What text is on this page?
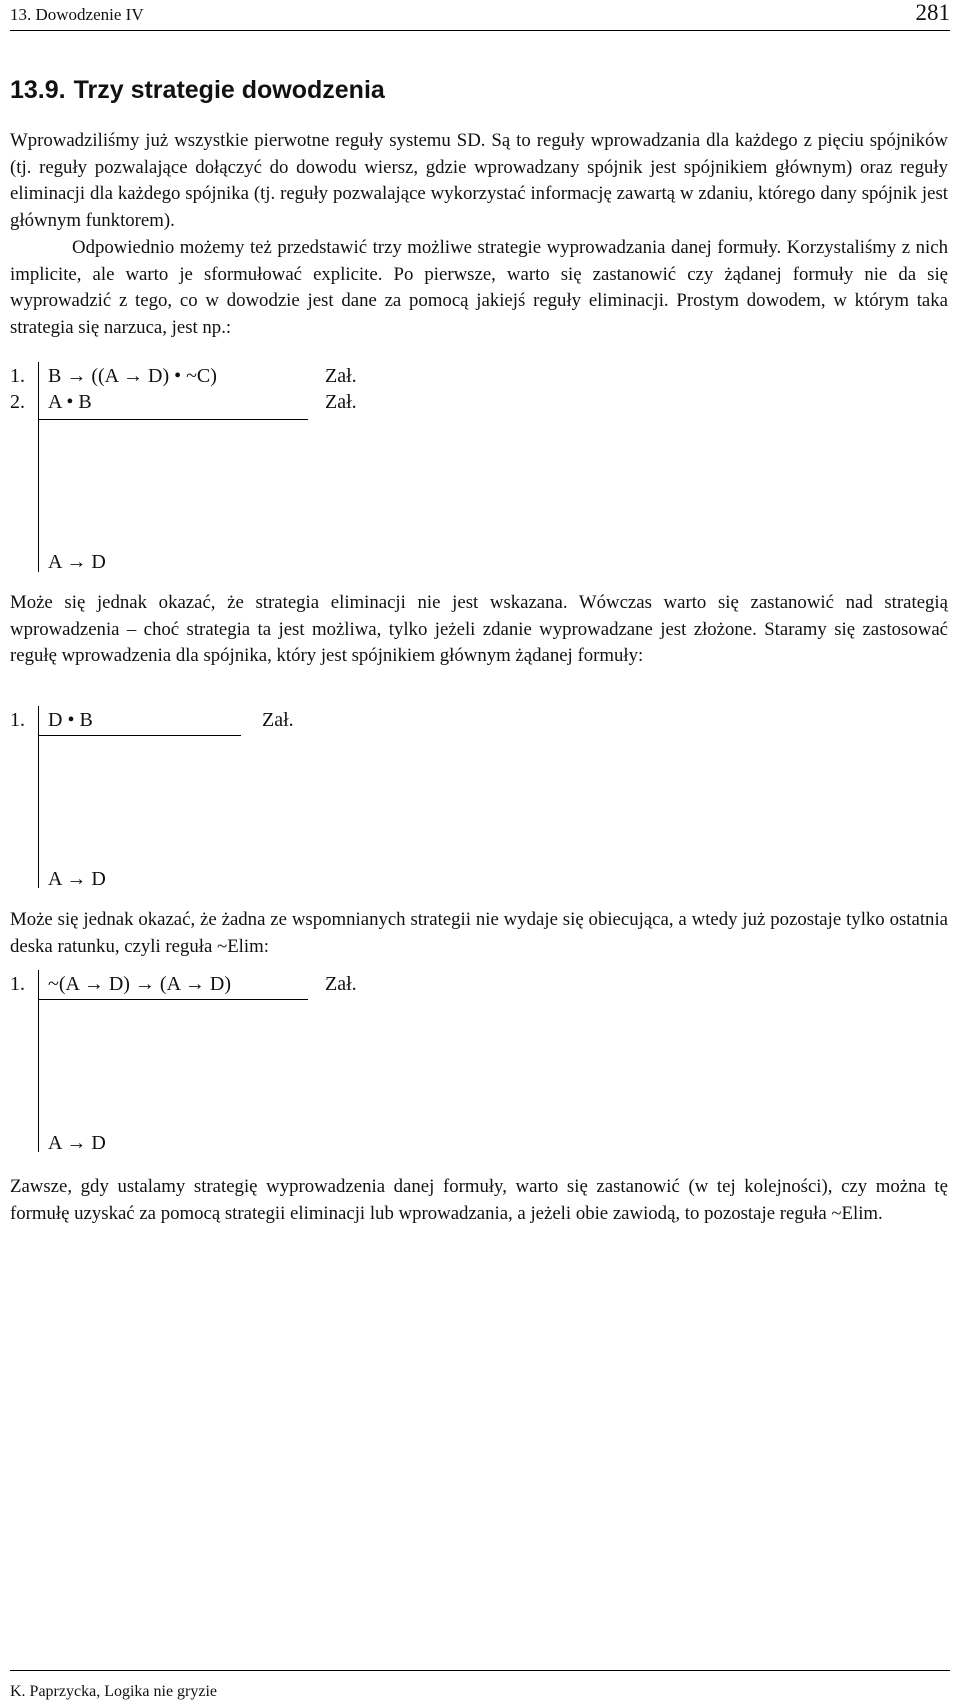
13. Dowodzenie IV	281
13.9. Trzy strategie dowodzenia

Wprowadziliśmy już wszystkie pierwotne reguły systemu SD. Są to reguły wprowadzania dla każdego z pięciu spójników (tj. reguły pozwalające dołączyć do dowodu wiersz, gdzie wprowadzany spójnik jest spójnikiem głównym) oraz reguły eliminacji dla każdego spójnika (tj. reguły pozwalające wykorzystać informację zawartą w zdaniu, którego dany spójnik jest głównym funktorem).

Odpowiednio możemy też przedstawić trzy możliwe strategie wyprowadzania danej formuły. Korzystaliśmy z nich implicite, ale warto je sformułować explicite. Po pierwsze, warto się zastanowić czy żądanej formuły nie da się wyprowadzić z tego, co w dowodzie jest dane za pomocą jakiejś reguły eliminacji. Prostym dowodem, w którym taka strategia się narzuca, jest np.:

1. B → ((A → D) • ~C)	Zał.
2. A • B	Zał.
A → D

Może się jednak okazać, że strategia eliminacji nie jest wskazana. Wówczas warto się zastanowić nad strategią wprowadzenia – choć strategia ta jest możliwa, tylko jeżeli zdanie wyprowadzane jest złożone. Staramy się zastosować regułę wprowadzenia dla spójnika, który jest spójnikiem głównym żądanej formuły:

1. D • B	Zał.
A → D

Może się jednak okazać, że żadna ze wspomnianych strategii nie wydaje się obiecująca, a wtedy już pozostaje tylko ostatnia deska ratunku, czyli reguła ~Elim:

1. ~(A → D) → (A → D)	Zał.
A → D

Zawsze, gdy ustalamy strategię wyprowadzenia danej formuły, warto się zastanowić (w tej kolejności), czy można tę formułę uzyskać za pomocą strategii eliminacji lub wprowadzania, a jeżeli obie zawiodą, to pozostaje reguła ~Elim.

K. Paprzycka, Logika nie gryzie
